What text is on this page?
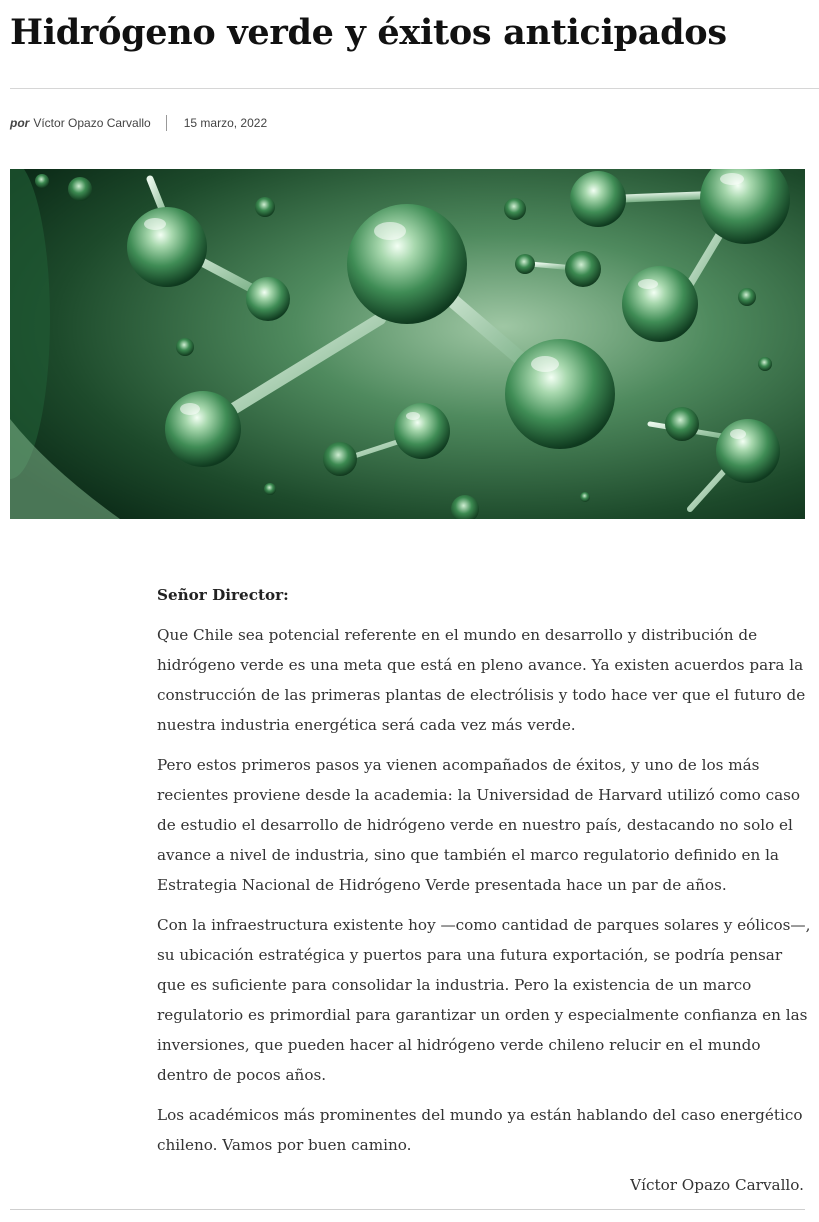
Hidrógeno verde y éxitos anticipados
por Víctor Opazo Carvallo	15 marzo, 2022

Señor Director:

Que Chile sea potencial referente en el mundo en desarrollo y distribución de hidrógeno verde es una meta que está en pleno avance. Ya existen acuerdos para la construcción de las primeras plantas de electrólisis y todo hace ver que el futuro de nuestra industria energética será cada vez más verde.

Pero estos primeros pasos ya vienen acompañados de éxitos, y uno de los más recientes proviene desde la academia: la Universidad de Harvard utilizó como caso de estudio el desarrollo de hidrógeno verde en nuestro país, destacando no solo el avance a nivel de industria, sino que también el marco regulatorio definido en la Estrategia Nacional de Hidrógeno Verde presentada hace un par de años.

Con la infraestructura existente hoy —como cantidad de parques solares y eólicos—, su ubicación estratégica y puertos para una futura exportación, se podría pensar que es suficiente para consolidar la industria. Pero la existencia de un marco regulatorio es primordial para garantizar un orden y especialmente confianza en las inversiones, que pueden hacer al hidrógeno verde chileno relucir en el mundo dentro de pocos años.

Los académicos más prominentes del mundo ya están hablando del caso energético chileno. Vamos por buen camino.

Víctor Opazo Carvallo.
